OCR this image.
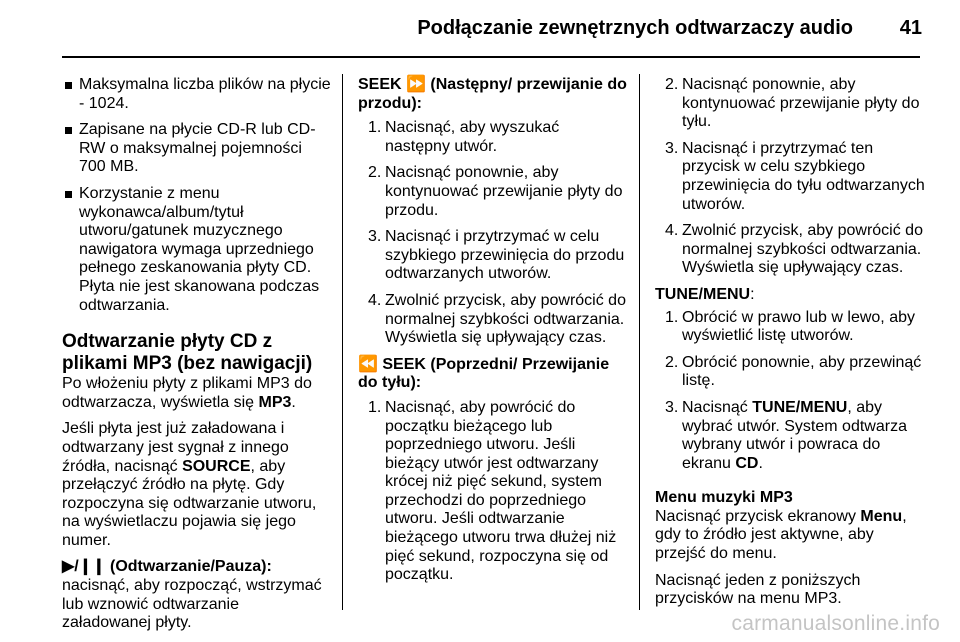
Podłączanie zewnętrznych odtwarzaczy audio 41
Maksymalna liczba plików na płycie - 1024.
Zapisane na płycie CD-R lub CD-RW o maksymalnej pojemności 700 MB.
Korzystanie z menu wykonawca/album/tytuł utworu/gatunek muzycznego nawigatora wymaga uprzedniego pełnego zeskanowania płyty CD. Płyta nie jest skanowana podczas odtwarzania.
Odtwarzanie płyty CD z plikami MP3 (bez nawigacji)
Po włożeniu płyty z plikami MP3 do odtwarzacza, wyświetla się MP3.
Jeśli płyta jest już załadowana i odtwarzany jest sygnał z innego źródła, nacisnąć SOURCE, aby przełączyć źródło na płytę. Gdy rozpoczyna się odtwarzanie utworu, na wyświetlaczu pojawia się jego numer.
▶/❙❙ (Odtwarzanie/Pauza): nacisnąć, aby rozpocząć, wstrzymać lub wznowić odtwarzanie załadowanej płyty.
SEEK ⏩ (Następny/ przewijanie do przodu):
1. Nacisnąć, aby wyszukać następny utwór.
2. Nacisnąć ponownie, aby kontynuować przewijanie płyty do przodu.
3. Nacisnąć i przytrzymać w celu szybkiego przewinięcia do przodu odtwarzanych utworów.
4. Zwolnić przycisk, aby powrócić do normalnej szybkości odtwarzania. Wyświetla się upływający czas.
⏪ SEEK (Poprzedni/ Przewijanie do tyłu):
1. Nacisnąć, aby powrócić do początku bieżącego lub poprzedniego utworu. Jeśli bieżący utwór jest odtwarzany krócej niż pięć sekund, system przechodzi do poprzedniego utworu. Jeśli odtwarzanie bieżącego utworu trwa dłużej niż pięć sekund, rozpoczyna się od początku.
2. Nacisnąć ponownie, aby kontynuować przewijanie płyty do tyłu.
3. Nacisnąć i przytrzymać ten przycisk w celu szybkiego przewinięcia do tyłu odtwarzanych utworów.
4. Zwolnić przycisk, aby powrócić do normalnej szybkości odtwarzania. Wyświetla się upływający czas.
TUNE/MENU:
1. Obrócić w prawo lub w lewo, aby wyświetlić listę utworów.
2. Obrócić ponownie, aby przewinąć listę.
3. Nacisnąć TUNE/MENU, aby wybrać utwór. System odtwarza wybrany utwór i powraca do ekranu CD.
Menu muzyki MP3
Nacisnąć przycisk ekranowy Menu, gdy to źródło jest aktywne, aby przejść do menu.
Nacisnąć jeden z poniższych przycisków na menu MP3.
carmanualsonline.info
